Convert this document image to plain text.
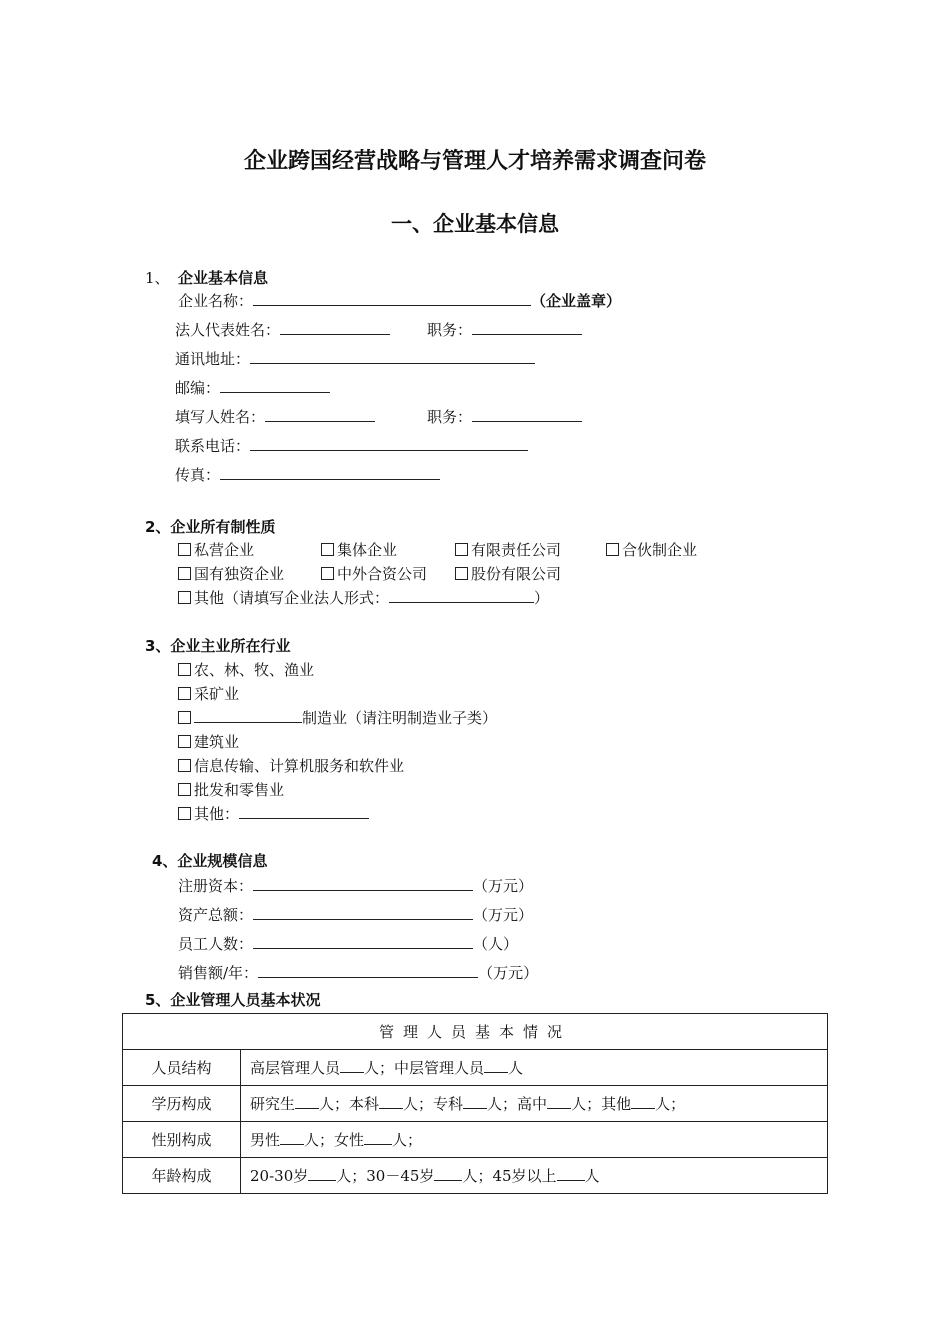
企业跨国经营战略与管理人才培养需求调查问卷
一、企业基本信息
1、 企业基本信息
企业名称：	（企业盖章）
法人代表姓名：	职务：
通讯地址：
邮编：
填写人姓名：	职务：
联系电话：
传真：
2、企业所有制性质
私营企业	集体企业	有限责任公司	合伙制企业
国有独资企业	中外合资公司	股份有限公司
其他（请填写企业法人形式：	）
3、企业主业所在行业
农、林、牧、渔业
采矿业
制造业（请注明制造业子类）
建筑业
信息传输、计算机服务和软件业
批发和零售业
其他：
4、企业规模信息
注册资本：	（万元）
资产总额：	（万元）
员工人数：	（人）
销售额/年：	（万元）
5、企业管理人员基本状况
管理人员基本情况	
人员结构	高层管理人员 人；中层管理人员 人
学历构成	研究生 人；本科 人；专科 人；高中 人；其他 人；
性别构成	男性 人；女性 人；
年龄构成	20-30岁 人；30－45岁 人；45岁以上 人
